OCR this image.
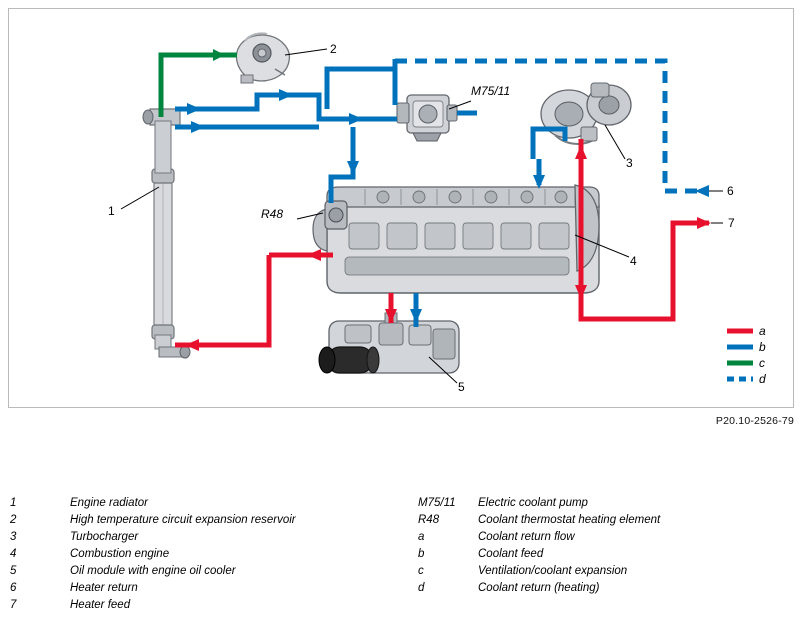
1
2
3
4
5
6
7
M75/11
R48
a
b
c
d
P20.10-2526-79
1	Engine radiator
2	High temperature circuit expansion reservoir
3	Turbocharger
4	Combustion engine
5	Oil module with engine oil cooler
6	Heater return
7	Heater feed
M75/11 Electric coolant pump
R48	Coolant thermostat heating element
a	Coolant return flow
b	Coolant feed
c	Ventilation/coolant expansion
d	Coolant return (heating)
